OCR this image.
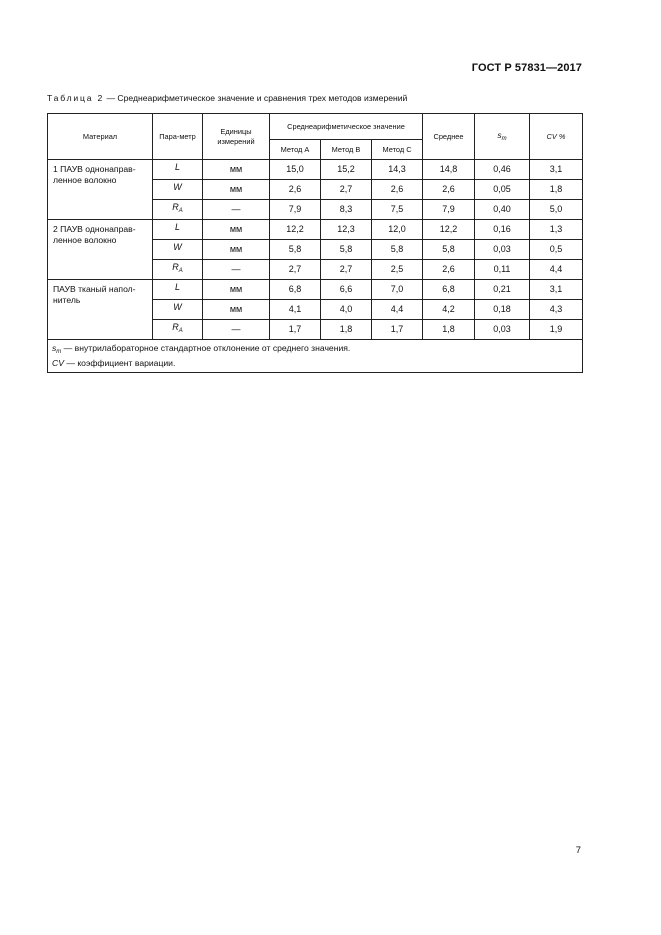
ГОСТ Р 57831—2017
Таблица 2 — Среднеарифметическое значение и сравнения трех методов измерений
Материал	Пара-метр	Единицы измерений	Среднеарифметическое значение			Среднее	$s_m$	CV %
			Метод А	Метод В	Метод С			
1 ПАУВ однонаправ-ленное волокно	L	мм	15,0	15,2	14,3	14,8	0,46	3,1
	W	мм	2,6	2,7	2,6	2,6	0,05	1,8
	$R_A$	—	7,9	8,3	7,5	7,9	0,40	5,0
2 ПАУВ однонаправ-ленное волокно	L	мм	12,2	12,3	12,0	12,2	0,16	1,3
	W	мм	5,8	5,8	5,8	5,8	0,03	0,5
	$R_A$	—	2,7	2,7	2,5	2,6	0,11	4,4
ПАУВ тканый напол-нитель	L	мм	6,8	6,6	7,0	6,8	0,21	3,1
	W	мм	4,1	4,0	4,4	4,2	0,18	4,3
	$R_A$	—	1,7	1,8	1,7	1,8	0,03	1,9

$s_m$ — внутрилабораторное стандартное отклонение от среднего значения.
CV — коэффициент вариации.								
7
